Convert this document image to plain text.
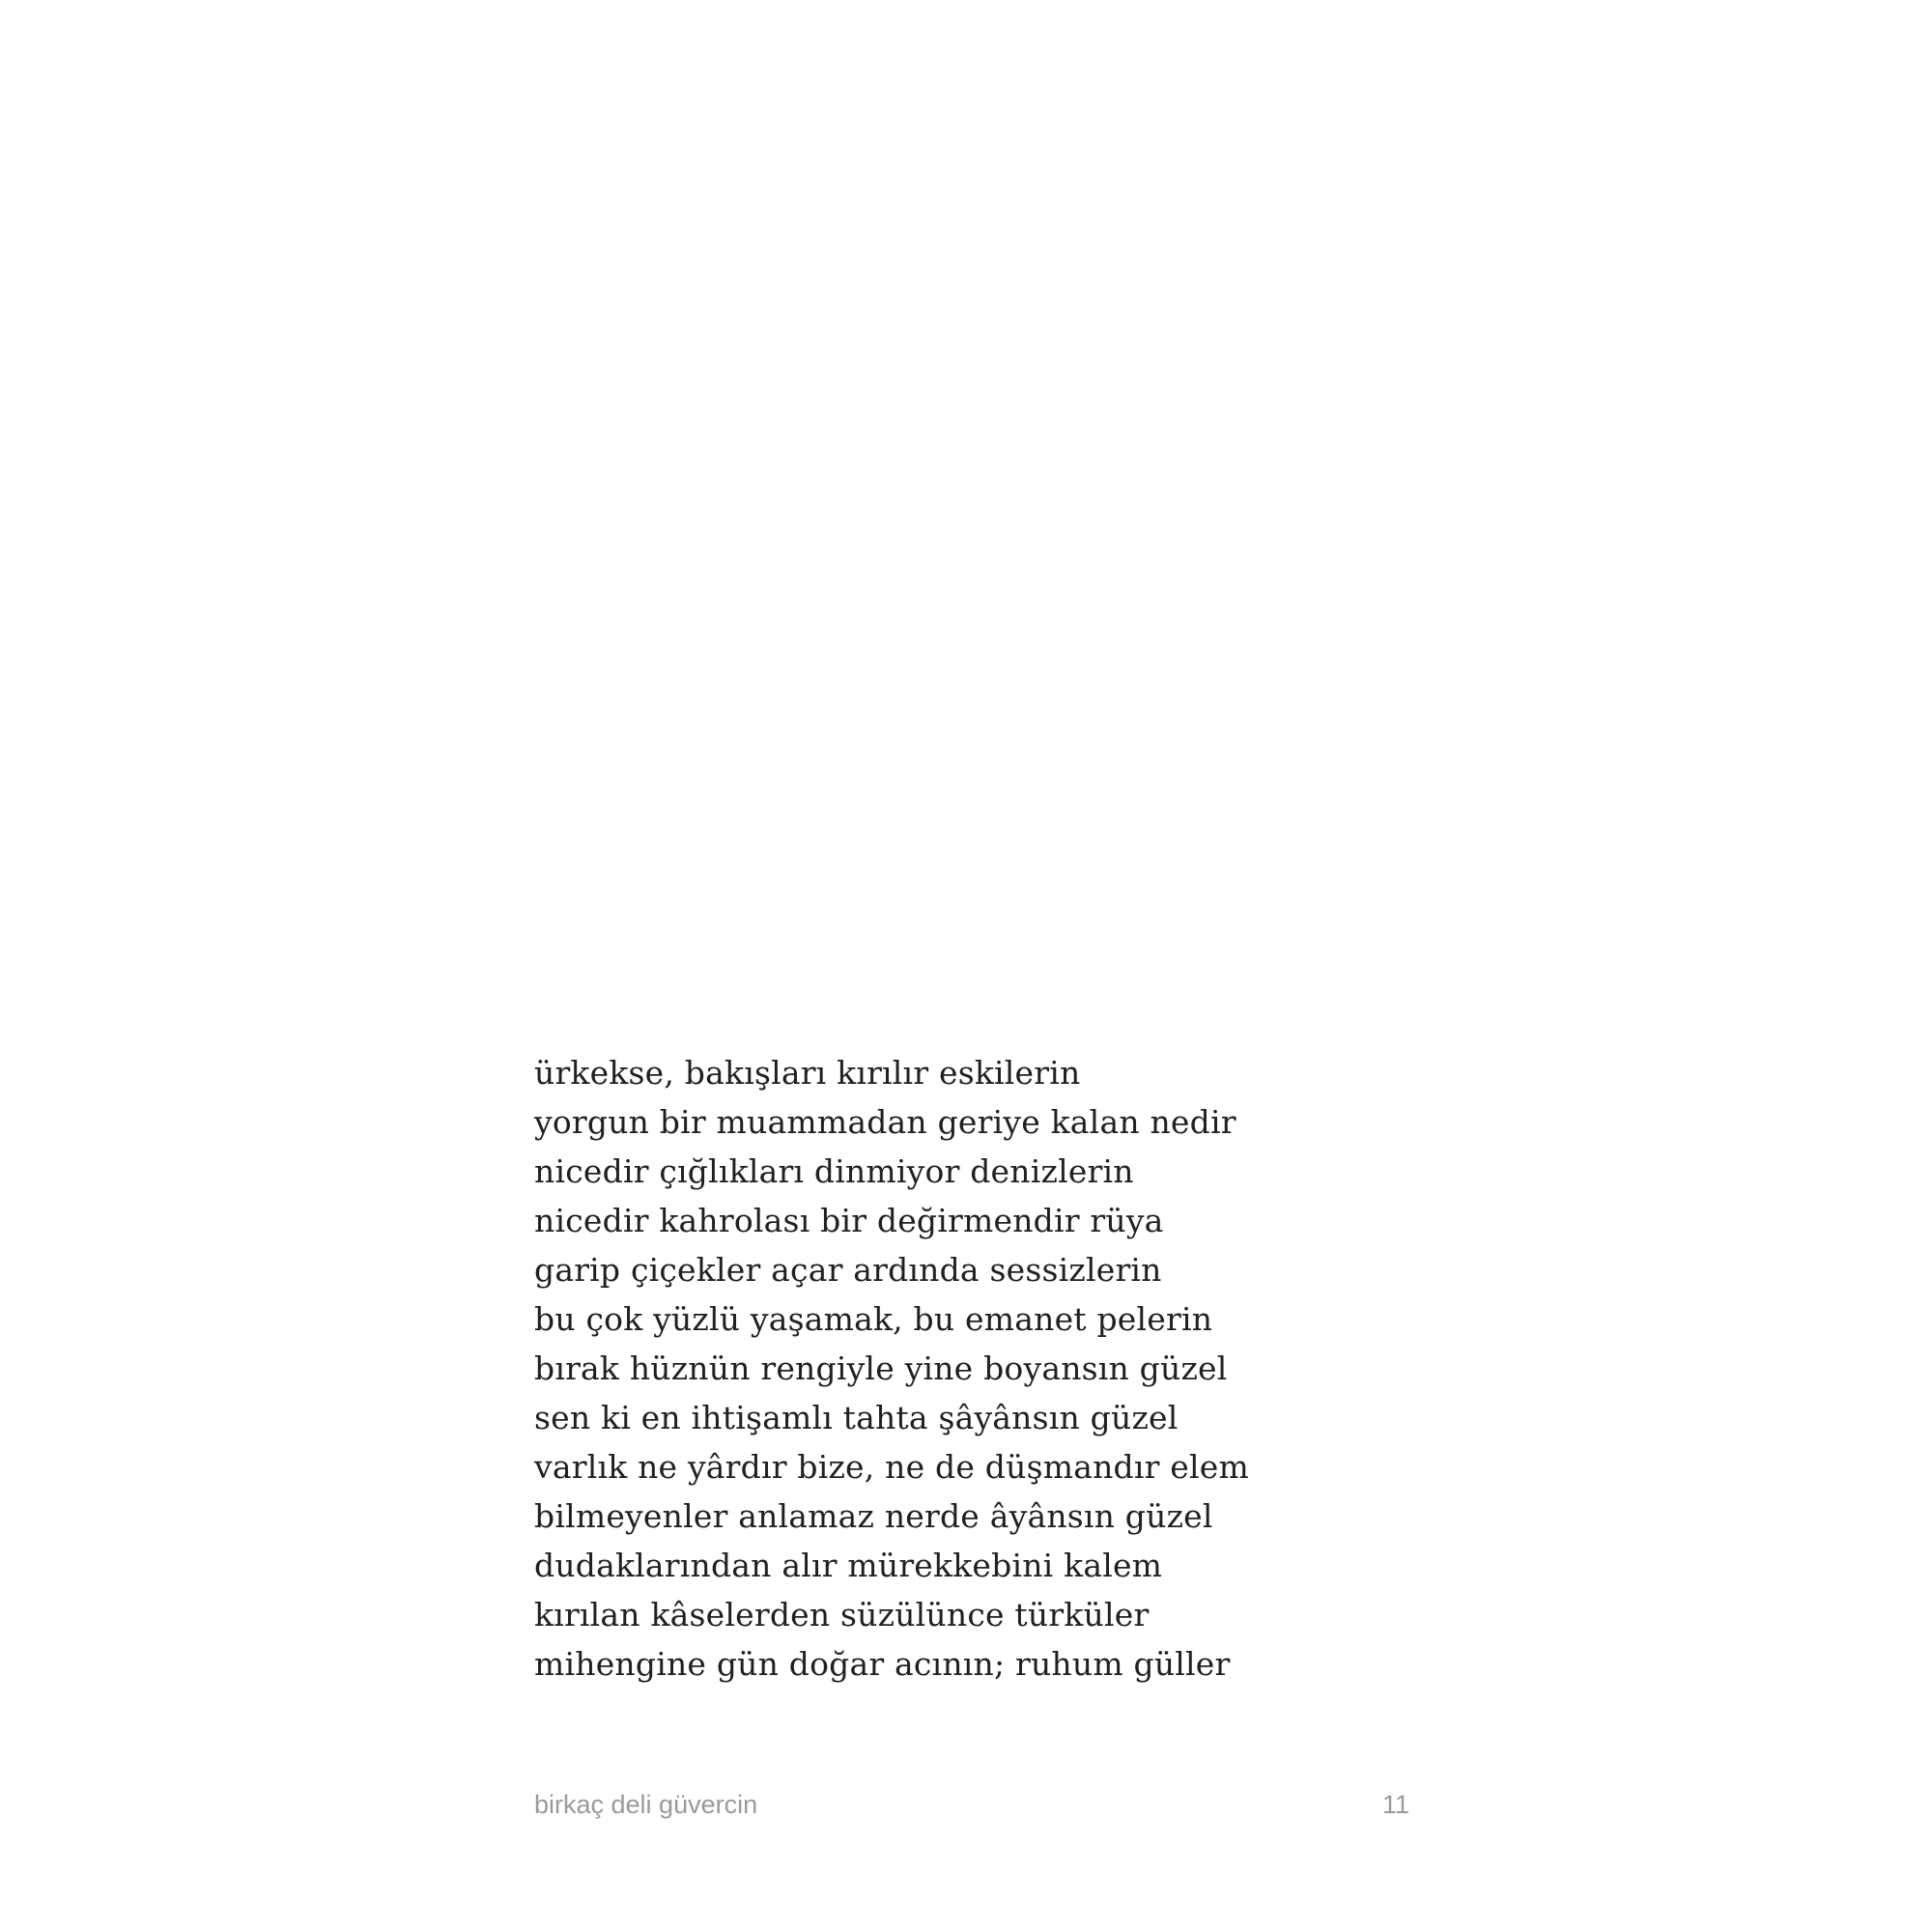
ürkekse, bakışları kırılır eskilerin
yorgun bir muammadan geriye kalan nedir
nicedir çığlıkları dinmiyor denizlerin
nicedir kahrolası bir değirmendir rüya
garip çiçekler açar ardında sessizlerin
bu çok yüzlü yaşamak, bu emanet pelerin
bırak hüznün rengiyle yine boyansın güzel
sen ki en ihtişamlı tahta şâyânsın güzel
varlık ne yârdır bize, ne de düşmandır elem
bilmeyenler anlamaz nerde âyânsın güzel
dudaklarından alır mürekkebini kalem
kırılan kâselerden süzülünce türküler
mihengine gün doğar acının; ruhum güller
birkaç deli güvercin	11
